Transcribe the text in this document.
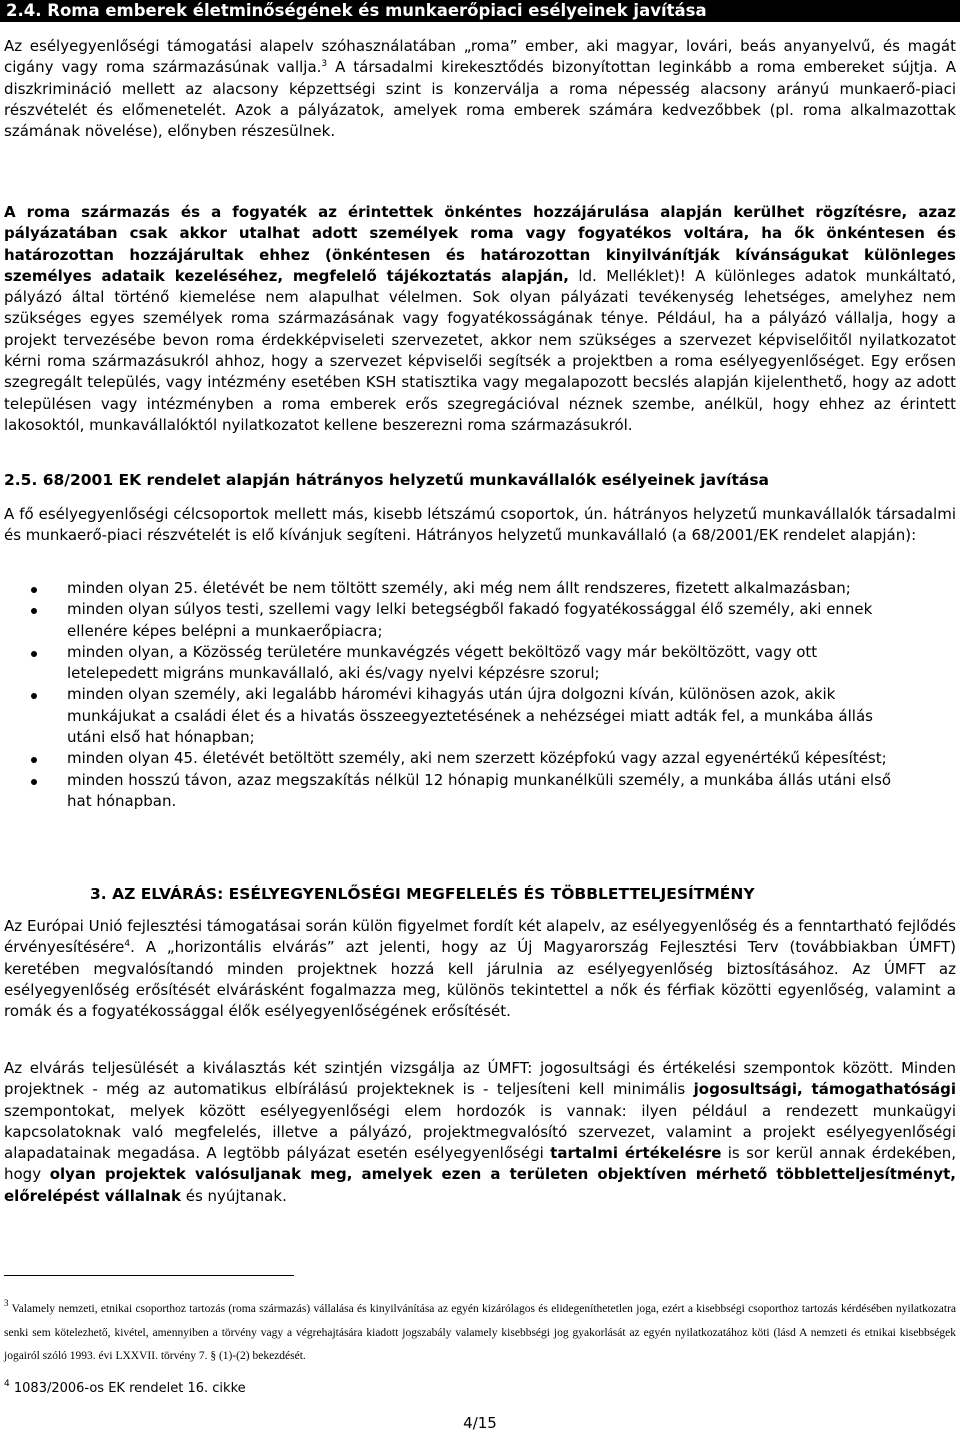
2.4. Roma emberek életminőségének és munkaerőpiaci esélyeinek javítása

Az esélyegyenlőségi támogatási alapelv szóhasználatában „roma” ember, aki magyar, lovári, beás anyanyelvű, és magát cigány vagy roma származásúnak vallja.$^3$ A társadalmi kirekesztődés bizonyítottan leginkább a roma embereket sújtja. A diszkrimináció mellett az alacsony képzettségi szint is konzerválja a roma népesség alacsony arányú munkaerő-piaci részvételét és előmenetelét. Azok a pályázatok, amelyek roma emberek számára kedvezőbbek (pl. roma alkalmazottak számának növelése), előnyben részesülnek.

A roma származás és a fogyaték az érintettek önkéntes hozzájárulása alapján kerülhet rögzítésre, azaz pályázatában csak akkor utalhat adott személyek roma vagy fogyatékos voltára, ha ők önkéntesen és határozottan hozzájárultak ehhez (önkéntesen és határozottan kinyilvánítják kívánságukat különleges személyes adataik kezeléséhez, megfelelő tájékoztatás alapján, ld. Melléklet)! A különleges adatok munkáltató, pályázó által történő kiemelése nem alapulhat vélelmen. Sok olyan pályázati tevékenység lehetséges, amelyhez nem szükséges egyes személyek roma származásának vagy fogyatékosságának ténye. Például, ha a pályázó vállalja, hogy a projekt tervezésébe bevon roma érdekképviseleti szervezetet, akkor nem szükséges a szervezet képviselőitől nyilatkozatot kérni roma származásukról ahhoz, hogy a szervezet képviselői segítsék a projektben a roma esélyegyenlőséget. Egy erősen szegregált település, vagy intézmény esetében KSH statisztika vagy megalapozott becslés alapján kijelenthető, hogy az adott településen vagy intézményben a roma emberek erős szegregációval néznek szembe, anélkül, hogy ehhez az érintett lakosoktól, munkavállalóktól nyilatkozatot kellene beszerezni roma származásukról.

2.5. 68/2001 EK rendelet alapján hátrányos helyzetű munkavállalók esélyeinek javítása

A fő esélyegyenlőségi célcsoportok mellett más, kisebb létszámú csoportok, ún. hátrányos helyzetű munkavállalók társadalmi és munkaerő-piaci részvételét is elő kívánjuk segíteni. Hátrányos helyzetű munkavállaló (a 68/2001/EK rendelet alapján):

minden olyan 25. életévét be nem töltött személy, aki még nem állt rendszeres, fizetett alkalmazásban;
minden olyan súlyos testi, szellemi vagy lelki betegségből fakadó fogyatékossággal élő személy, aki ennek ellenére képes belépni a munkaerőpiacra;
minden olyan, a Közösség területére munkavégzés végett beköltöző vagy már beköltözött, vagy ott letelepedett migráns munkavállaló, aki és/vagy nyelvi képzésre szorul;
minden olyan személy, aki legalább háromévi kihagyás után újra dolgozni kíván, különösen azok, akik munkájukat a családi élet és a hivatás összeegyeztetésének a nehézségei miatt adták fel, a munkába állás utáni első hat hónapban;
minden olyan 45. életévét betöltött személy, aki nem szerzett középfokú vagy azzal egyenértékű képesítést;
minden hosszú távon, azaz megszakítás nélkül 12 hónapig munkanélküli személy, a munkába állás utáni első hat hónapban.
3. AZ ELVÁRÁS: ESÉLYEGYENLŐSÉGI MEGFELELÉS ÉS TÖBBLETTELJESÍTMÉNY

Az Európai Unió fejlesztési támogatásai során külön figyelmet fordít két alapelv, az esélyegyenlőség és a fenntartható fejlődés érvényesítésére$^4$. A „horizontális elvárás” azt jelenti, hogy az Új Magyarország Fejlesztési Terv (továbbiakban ÚMFT) keretében megvalósítandó minden projektnek hozzá kell járulnia az esélyegyenlőség biztosításához. Az ÚMFT az esélyegyenlőség erősítését elvárásként fogalmazza meg, különös tekintettel a nők és férfiak közötti egyenlőség, valamint a romák és a fogyatékossággal élők esélyegyenlőségének erősítését.

Az elvárás teljesülését a kiválasztás két szintjén vizsgálja az ÚMFT: jogosultsági és értékelési szempontok között. Minden projektnek - még az automatikus elbírálású projekteknek is - teljesíteni kell minimális jogosultsági, támogathatósági szempontokat, melyek között esélyegyenlőségi elem hordozók is vannak: ilyen például a rendezett munkaügyi kapcsolatoknak való megfelelés, illetve a pályázó, projektmegvalósító szervezet, valamint a projekt esélyegyenlőségi alapadatainak megadása. A legtöbb pályázat esetén esélyegyenlőségi tartalmi értékelésre is sor kerül annak érdekében, hogy olyan projektek valósuljanak meg, amelyek ezen a területen objektíven mérhető többletteljesítményt, előrelépést vállalnak és nyújtanak.

$^3$ Valamely nemzeti, etnikai csoporthoz tartozás (roma származás) vállalása és kinyilvánítása az egyén kizárólagos és elidegeníthetetlen joga, ezért a kisebbségi csoporthoz tartozás kérdésében nyilatkozatra senki sem kötelezhető, kivétel, amennyiben a törvény vagy a végrehajtására kiadott jogszabály valamely kisebbségi jog gyakorlását az egyén nyilatkozatához köti (lásd A nemzeti és etnikai kisebbségek jogairól szóló 1993. évi LXXVII. törvény 7. § (1)-(2) bekezdését.

$^4$ 1083/2006-os EK rendelet 16. cikke

4/15
